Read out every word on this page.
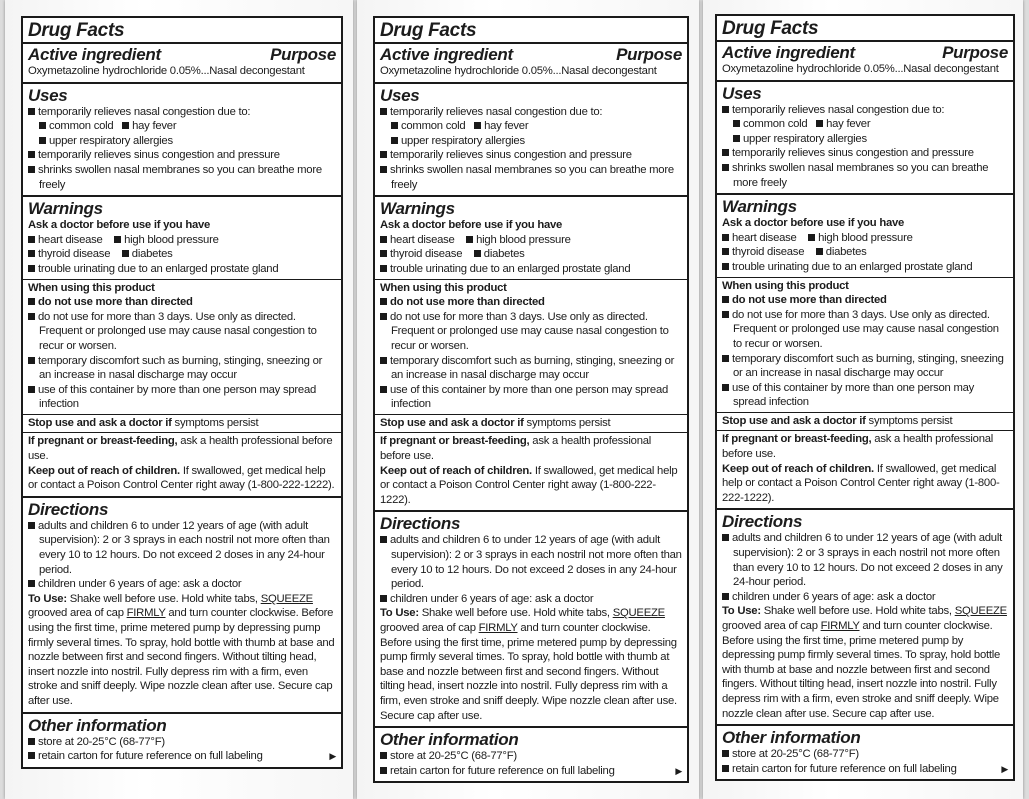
Drug Facts
Active ingredient	Purpose
Oxymetazoline hydrochloride 0.05%...Nasal decongestant
Uses
temporarily relieves nasal congestion due to:
common cold hay fever
upper respiratory allergies
temporarily relieves sinus congestion and pressure
shrinks swollen nasal membranes so you can breathe more freely
Warnings
Ask a doctor before use if you have
heart disease high blood pressure
thyroid disease diabetes
trouble urinating due to an enlarged prostate gland
When using this product
do not use more than directed
do not use for more than 3 days. Use only as directed. Frequent or prolonged use may cause nasal congestion to recur or worsen.
temporary discomfort such as burning, stinging, sneezing or an increase in nasal discharge may occur
use of this container by more than one person may spread infection
Stop use and ask a doctor if symptoms persist
If pregnant or breast-feeding, ask a health professional before use.
Keep out of reach of children. If swallowed, get medical help or contact a Poison Control Center right away (1-800-222-1222).
Directions
adults and children 6 to under 12 years of age (with adult supervision): 2 or 3 sprays in each nostril not more often than every 10 to 12 hours. Do not exceed 2 doses in any 24-hour period.
children under 6 years of age: ask a doctor
To Use: Shake well before use. Hold white tabs, SQUEEZE grooved area of cap FIRMLY and turn counter clockwise. Before using the first time, prime metered pump by depressing pump firmly several times. To spray, hold bottle with thumb at base and nozzle between first and second fingers. Without tilting head, insert nozzle into nostril. Fully depress rim with a firm, even stroke and sniff deeply. Wipe nozzle clean after use. Secure cap after use.
Other information
store at 20-25°C (68-77°F)
retain carton for future reference on full labeling	▶
Drug Facts
Active ingredient	Purpose
Oxymetazoline hydrochloride 0.05%...Nasal decongestant
Uses
temporarily relieves nasal congestion due to:
common cold hay fever
upper respiratory allergies
temporarily relieves sinus congestion and pressure
shrinks swollen nasal membranes so you can breathe more freely
Warnings
Ask a doctor before use if you have
heart disease high blood pressure
thyroid disease diabetes
trouble urinating due to an enlarged prostate gland
When using this product
do not use more than directed
do not use for more than 3 days. Use only as directed. Frequent or prolonged use may cause nasal congestion to recur or worsen.
temporary discomfort such as burning, stinging, sneezing or an increase in nasal discharge may occur
use of this container by more than one person may spread infection
Stop use and ask a doctor if symptoms persist
If pregnant or breast-feeding, ask a health professional before use.
Keep out of reach of children. If swallowed, get medical help or contact a Poison Control Center right away (1-800-222-1222).
Directions
adults and children 6 to under 12 years of age (with adult supervision): 2 or 3 sprays in each nostril not more often than every 10 to 12 hours. Do not exceed 2 doses in any 24-hour period.
children under 6 years of age: ask a doctor
To Use: Shake well before use. Hold white tabs, SQUEEZE grooved area of cap FIRMLY and turn counter clockwise. Before using the first time, prime metered pump by depressing pump firmly several times. To spray, hold bottle with thumb at base and nozzle between first and second fingers. Without tilting head, insert nozzle into nostril. Fully depress rim with a firm, even stroke and sniff deeply. Wipe nozzle clean after use. Secure cap after use.
Other information
store at 20-25°C (68-77°F)
retain carton for future reference on full labeling	▶
Drug Facts
Active ingredient	Purpose
Oxymetazoline hydrochloride 0.05%...Nasal decongestant
Uses
temporarily relieves nasal congestion due to:
common cold hay fever
upper respiratory allergies
temporarily relieves sinus congestion and pressure
shrinks swollen nasal membranes so you can breathe more freely
Warnings
Ask a doctor before use if you have
heart disease high blood pressure
thyroid disease diabetes
trouble urinating due to an enlarged prostate gland
When using this product
do not use more than directed
do not use for more than 3 days. Use only as directed. Frequent or prolonged use may cause nasal congestion to recur or worsen.
temporary discomfort such as burning, stinging, sneezing or an increase in nasal discharge may occur
use of this container by more than one person may spread infection
Stop use and ask a doctor if symptoms persist
If pregnant or breast-feeding, ask a health professional before use.
Keep out of reach of children. If swallowed, get medical help or contact a Poison Control Center right away (1-800-222-1222).
Directions
adults and children 6 to under 12 years of age (with adult supervision): 2 or 3 sprays in each nostril not more often than every 10 to 12 hours. Do not exceed 2 doses in any 24-hour period.
children under 6 years of age: ask a doctor
To Use: Shake well before use. Hold white tabs, SQUEEZE grooved area of cap FIRMLY and turn counter clockwise. Before using the first time, prime metered pump by depressing pump firmly several times. To spray, hold bottle with thumb at base and nozzle between first and second fingers. Without tilting head, insert nozzle into nostril. Fully depress rim with a firm, even stroke and sniff deeply. Wipe nozzle clean after use. Secure cap after use.
Other information
store at 20-25°C (68-77°F)
retain carton for future reference on full labeling	▶
